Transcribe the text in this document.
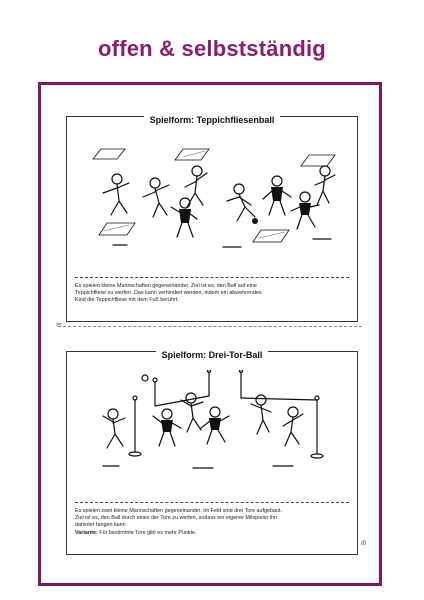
offen & selbstständig
Spielform: Teppichfliesenball
Es spielen kleine Mannschaften gegeneinander. Ziel ist es, den Ball auf eine
Teppichfliese zu werfen. Das kann verhindert werden, indem ein abwehrendes
Kind die Teppichfliese mit dem Fuß berührt.
✂
Spielform: Drei-Tor-Ball
Es spielen zwei kleine Mannschaften gegeneinander. Im Feld sind drei Tore aufgebaut.
Ziel ist es, den Ball durch eines der Tore zu werfen, sodass ein eigener Mitspieler ihn
dahinter fangen kann.
Variante: Für bestimmte Tore gibt es mehr Punkte.
/0
